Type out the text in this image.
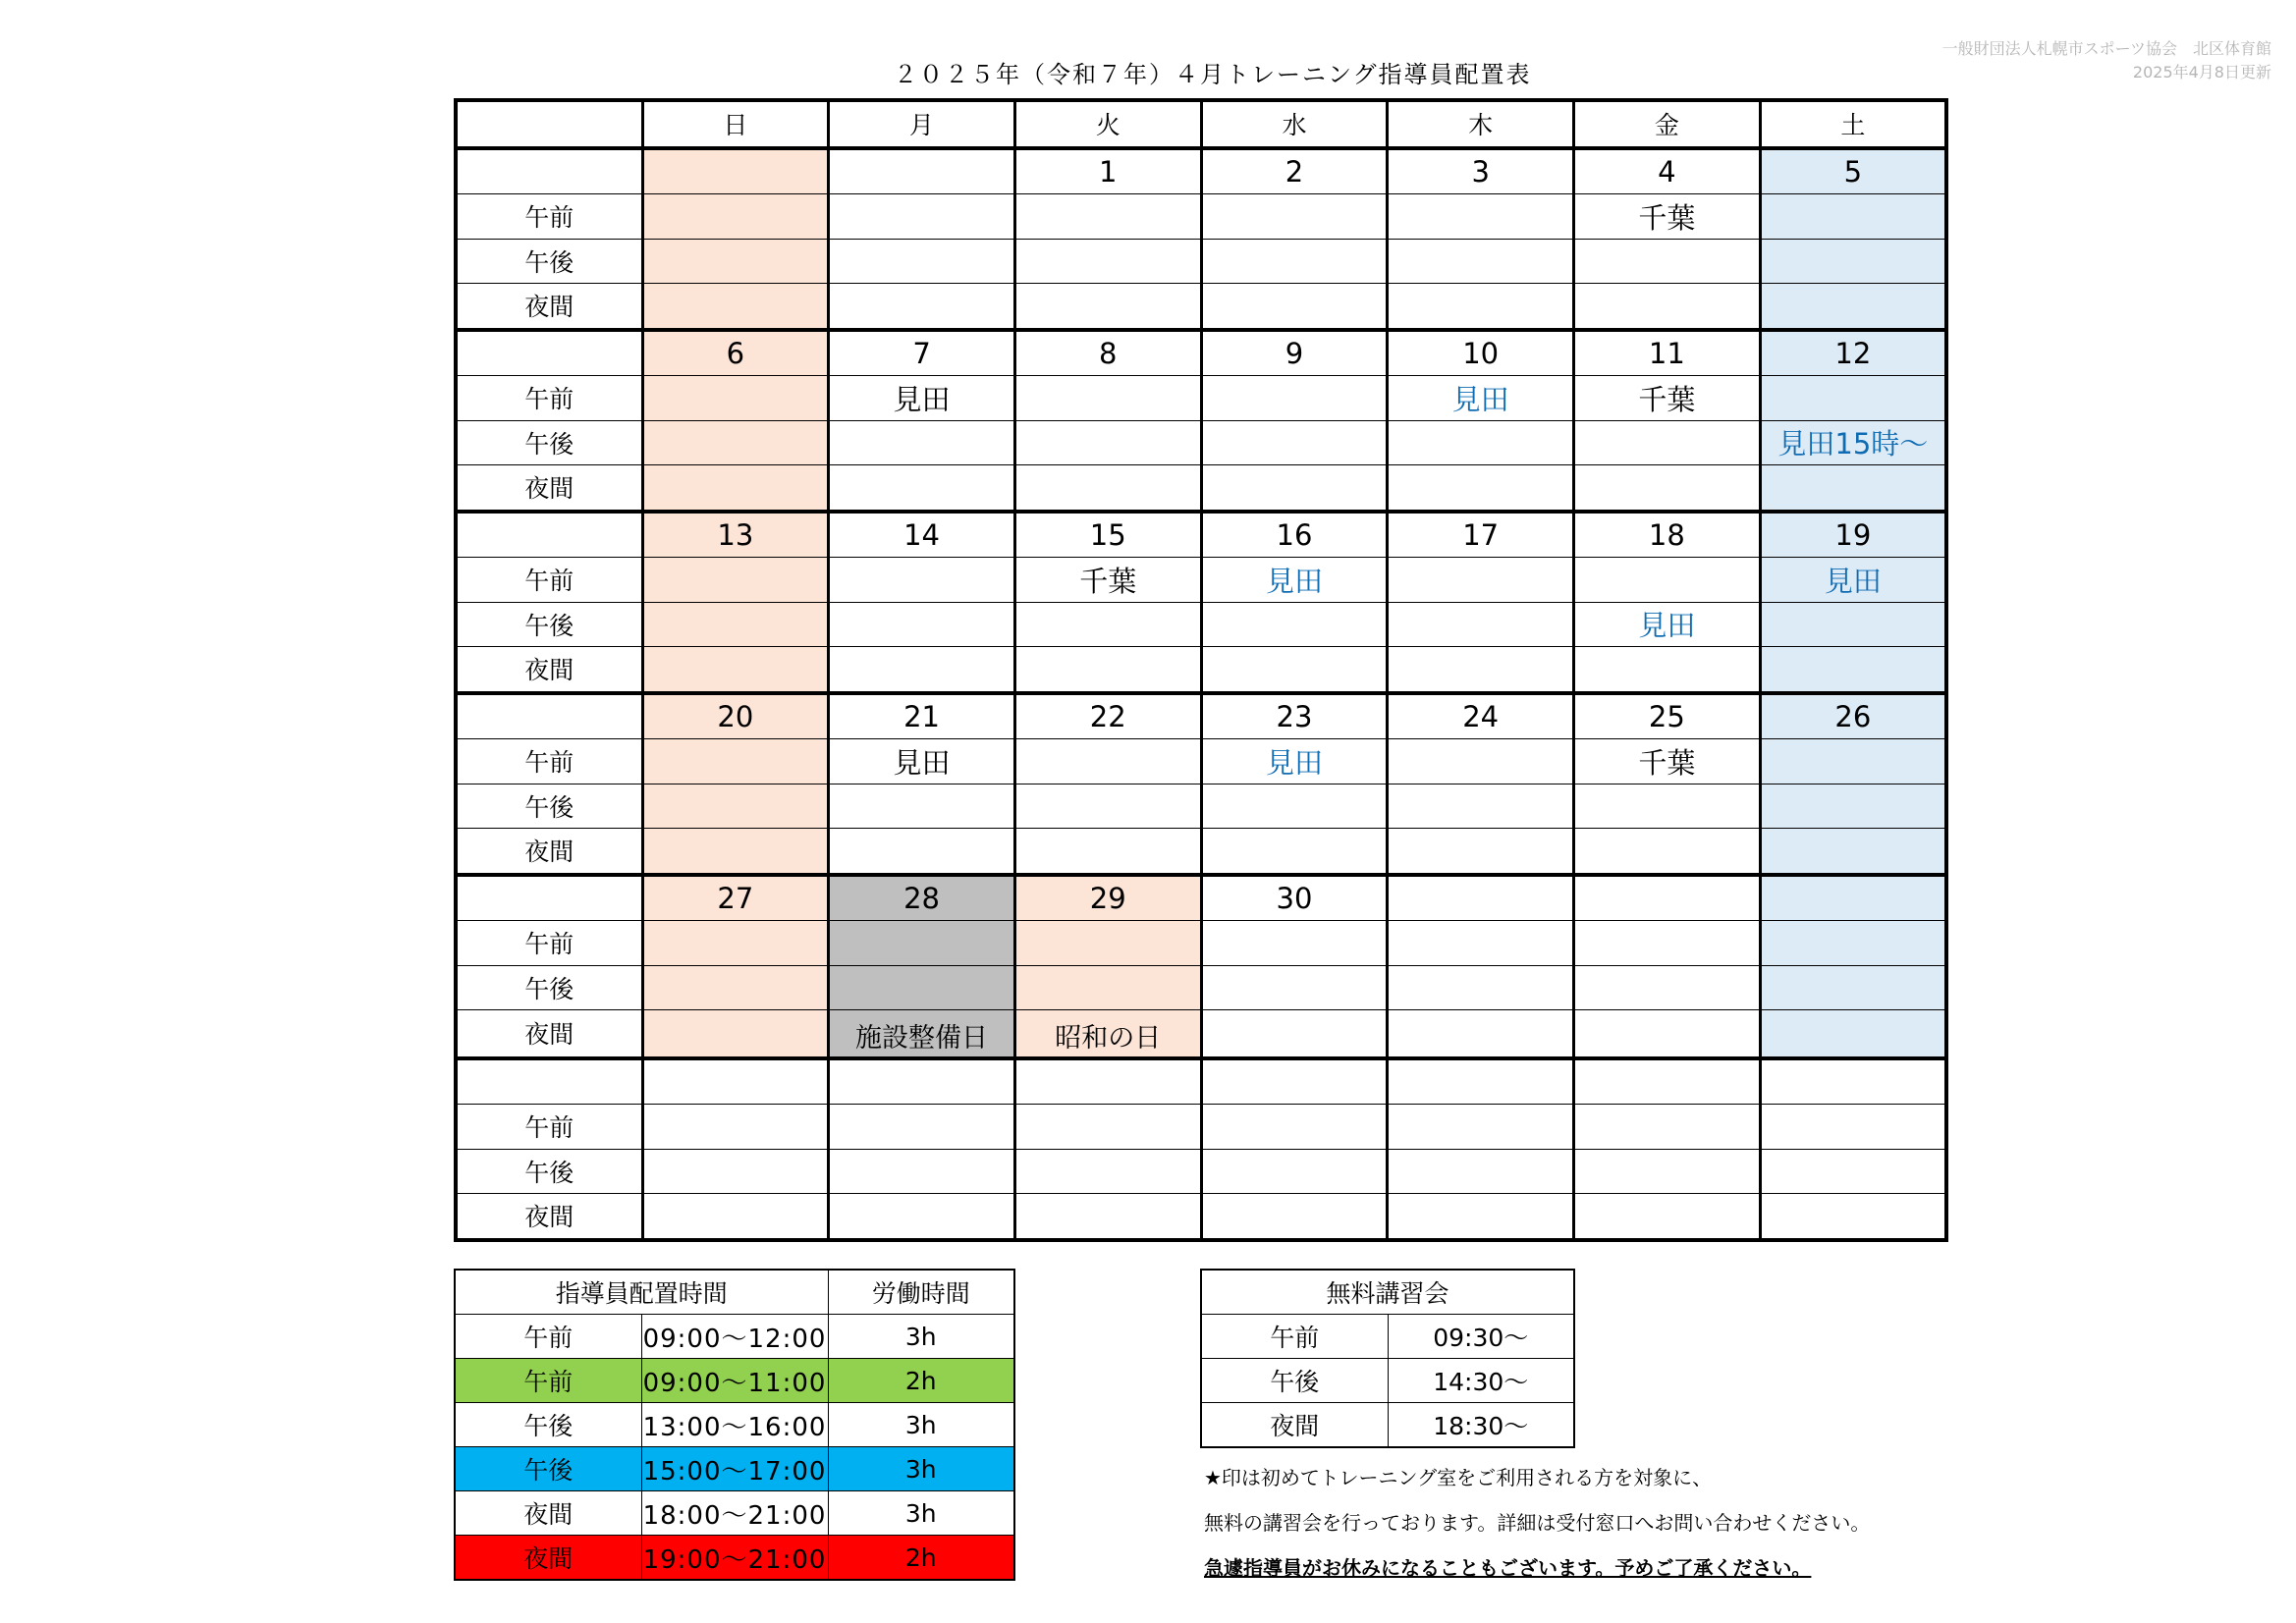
２０２５年（令和７年）４月トレーニング指導員配置表
一般財団法人札幌市スポーツ協会　北区体育館
2025年4月8日更新
	日	月	火	水	木	金	土
			1	2	3	4	5
午前						千葉	
午後							
夜間							
	6	7	8	9	10	11	12
午前		見田			見田	千葉	
午後							見田15時～
夜間							
	13	14	15	16	17	18	19
午前			千葉	見田			見田
午後						見田	
夜間							
	20	21	22	23	24	25	26
午前		見田		見田		千葉	
午後							
夜間							
	27	28	29	30			
午前							
午後							
夜間		施設整備日	昭和の日				

午前							
午後							
夜間							
指導員配置時間		労働時間
午前	09:00～12:00	3h
午前	09:00～11:00	2h
午後	13:00～16:00	3h
午後	15:00～17:00	3h
夜間	18:00～21:00	3h
夜間	19:00～21:00	2h
無料講習会	
午前	09:30～
午後	14:30～
夜間	18:30～
★印は初めてトレーニング室をご利用される方を対象に、
無料の講習会を行っております。詳細は受付窓口へお問い合わせください。
急遽指導員がお休みになることもございます。予めご了承ください。
